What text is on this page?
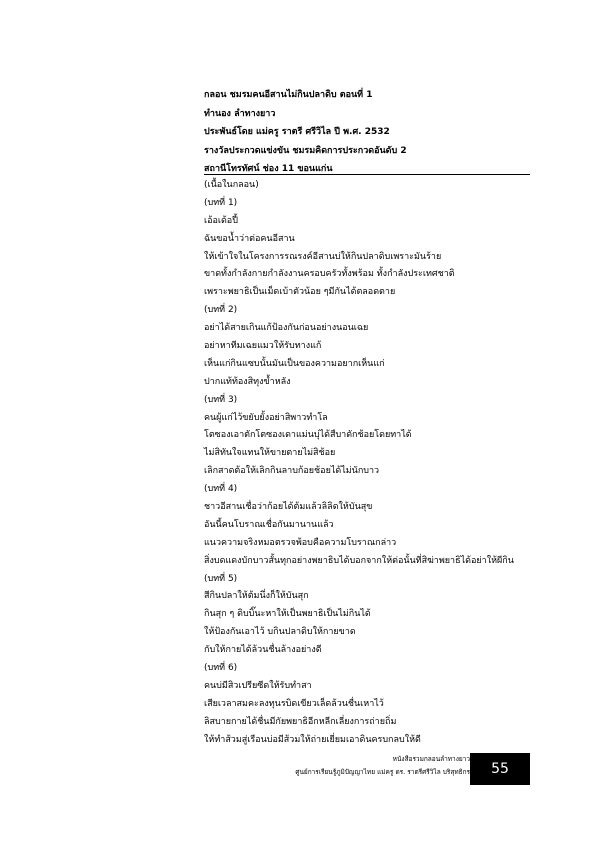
กลอน ชมรมคนอีสานไม่กินปลาดิบ ตอนที่ 1
ทำนอง ลำทางยาว
ประพันธ์โดย แม่ครู ราตรี ศรีวิไล ปี พ.ศ. 2532
รางวัลประกวดแข่งขัน ชมรมคิดการประกวดอันดับ 2
สถานีโทรทัศน์ ช่อง 11 ขอนแก่น
(เนื้อในกลอน)
(บทที่ 1)
เอ้อเด้อปี้
ฉันขอน้ำว่าต่อคนอีสาน
ให้เข้าใจในโครงการรณรงค์อีสานบ่ให้กินปลาดิบเพราะมันร้าย
ขาดทั้งกำลังกายกำลังงานครอบครัวทั้งพร้อม ทั้งกำลังประเทศชาติ
เพราะพยาธิเป็นเม็ดเบ้าตัวน้อย ๆมีกันได้ตลอดตาย
(บทที่ 2)
อย่าได้สายเกินแก้ป้องกันก่อนอย่างนอนเฉย
อย่าหาทีมเฉยแมวให้รับทางแก้
เห็นแก่กินแซบนั้นมันเป็นของความอยากเห็นแก่
ปากแท้ท้องสิทุงข้ำหลัง
(บทที่ 3)
คนผู้แก่ไว้ขยับยั้งอย่าสิพาวทำโล
โตซองเอาตักโตซองเดาแม่นบุ่ได้สืบาดักช้อยโดยทาได้
ไม่สิทันใจแทนให้ขายตายไม่สิช้อย
เลิกสาดต้อให้เลิกกินลาบก้อยช้อยได้ไม่นักบาว
(บทที่ 4)
ชาวอีสานเชื่อว่าก้อยได้ต้มแล้วลิลิดให้บันสุข
อันนี้คนโบราณเชื่อกันมานานแล้ว
แนวความจริงหมอตรวจพ้อบคือความโบราณกล่าว
สิ่งบดแดงบักบาวสั้นทุกอย่างพยาธิบได้บอกจากให้ต่อนั้นที่สิฆ่าพยาธิได้อย่าให้ผีกิน
(บทที่ 5)
สีกินปลาให้ต้มนึ่งก็ให้บันสุก
กินสุก ๆ ดิบบิ๊นะหาให้เป็นพยาธิเป็นไม่กินได้
ให้ป้องกันเอาไว้ บกินปลาดิบให้กายขาด
กับให้กายได้ล้วนชื่นล้างอย่างดี
(บทที่ 6)
คนบ่มีสิวเปรียซีดให้รับทำสา
เสียเวลาสมคะลงทุนรบิดเขียวเล็ดล้วนชื่นเหาไว้
ลิสบายกายได้ชื่นมีกัยพยาธิอีกหลีกเลี่ยงการถ่ายถิ่ม
ให้ทำส้วมสู่เรือนบ่อมีส้วมให้ถ่ายเยี่ยมเอาดินครบกลบให้ดี
หนังสือรวมกลอนลำทางยาว
ศูนย์การเรียนรู้ภูมิปัญญาไทย แม่ครู ดร. ราตรีศรีวิไล บริสุทธิกร 55
